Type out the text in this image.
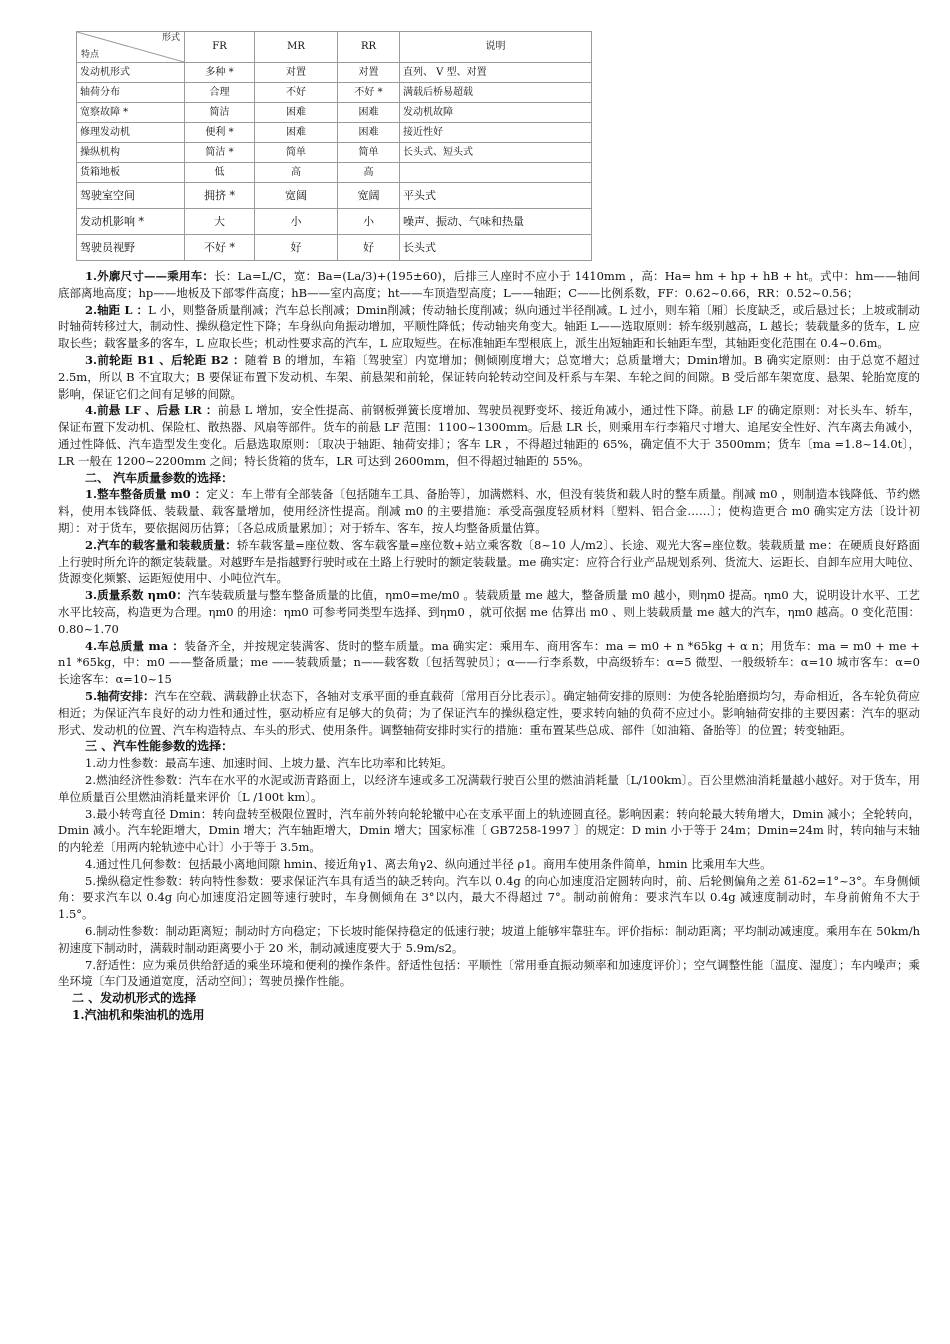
形式
特点	FR	MR	RR	说明
发动机形式	多种 *	对置	对置	直列、 V 型、对置
轴荷分布	合理	不好	不好 *	满载后桥易超载
宽察故障 *	简洁	困难	困难	发动机故障
修理发动机	便利 *	困难	困难	接近性好
操纵机构	简洁 *	简单	简单	长头式、短头式
货箱地板	低	高	高	
驾驶室空间	拥挤 *	宽阔	宽阔	平头式
发动机影响 *	大	小	小	噪声、振动、气味和热量
驾驶员视野	不好 *	好	好	长头式

1.外廓尺寸——乘用车：长：La=L/C，宽：Ba=(La/3)+(195±60)，后排三人座时不应小于 1410mm ，高：Ha= hm + hp + hB + ht。式中：hm——轴间底部离地高度；hp——地板及下部零件高度；hB——室内高度；ht——车顶造型高度；L——轴距；C——比例系数，FF：0.62~0.66，RR：0.52~0.56；

2.轴距 L ：L 小，则整备质量削减；汽车总长削减；Dmin削减；传动轴长度削减；纵向通过半径削减。L 过小，则车箱〔厢〕长度缺乏，或后悬过长；上坡或制动时轴荷转移过大，制动性、操纵稳定性下降；车身纵向角振动增加，平顺性降低；传动轴夹角变大。轴距 L——选取原则：轿车级别越高，L 越长；装载量多的货车，L 应取长些；载客量多的客车，L 应取长些；机动性要求高的汽车，L 应取短些。在标准轴距车型根底上，派生出短轴距和长轴距车型，其轴距变化范围在 0.4~0.6m。

3.前轮距 B1 、后轮距 B2 ：随着 B 的增加，车箱〔驾驶室〕内宽增加；侧倾刚度增大；总宽增大；总质量增大；Dmin增加。B 确实定原则：由于总宽不超过 2.5m，所以 B 不宜取大；B 要保证布置下发动机、车架、前悬架和前轮，保证转向轮转动空间及杆系与车架、车轮之间的间隙。B 受后部车架宽度、悬架、轮胎宽度的影响，保证它们之间有足够的间隙。

4.前悬 LF 、后悬 LR ：前悬 L 增加，安全性提高、前钢板弹簧长度增加、驾驶员视野变坏、接近角减小，通过性下降。前悬 LF 的确定原则：对长头车、轿车，保证布置下发动机、保险杠、散热器、风扇等部件。货车的前悬 LF 范围：1100~1300mm。后悬 LR 长，则乘用车行李箱尺寸增大、追尾安全性好、汽车离去角减小，通过性降低、汽车造型发生变化。后悬选取原则：〔取决于轴距、轴荷安排〕；客车 LR ，不得超过轴距的 65%，确定值不大于 3500mm；货车〔ma =1.8~14.0t〕，LR 一般在 1200~2200mm 之间；特长货箱的货车，LR 可达到 2600mm，但不得超过轴距的 55%。

二、 汽车质量参数的选择：

1.整车整备质量 m0 ：定义：车上带有全部装备〔包括随车工具、备胎等〕，加满燃料、水，但没有装货和载人时的整车质量。削减 m0 ，则制造本钱降低、节约燃料，使用本钱降低、装载量、载客量增加，使用经济性提高。削减 m0 的主要措施：承受高强度轻质材料〔塑料、铝合金……〕；使构造更合 m0 确实定方法〔设计初期〕：对于货车，要依据阅历估算；〔各总成质量累加〕；对于轿车、客车，按人均整备质量估算。

2.汽车的载客量和装载质量：轿车载客量=座位数、客车载客量=座位数+站立乘客数〔8~10 人/m2〕、长途、观光大客=座位数。装载质量 me：在硬质良好路面上行驶时所允许的额定装载量。对越野车是指越野行驶时或在土路上行驶时的额定装载量。me 确实定：应符合行业产品规划系列、货流大、运距长、自卸车应用大吨位、货源变化频繁、运距短使用中、小吨位汽车。

3.质量系数 ηm0：汽车装载质量与整车整备质量的比值，ηm0=me/m0 。装载质量 me 越大，整备质量 m0 越小，则ηm0 提高。ηm0 大，说明设计水平、工艺水平比较高，构造更为合理。ηm0 的用途：ηm0 可参考同类型车选择、到ηm0 ，就可依据 me 估算出 m0 、则上装载质量 me 越大的汽车，ηm0 越高。0 变化范围：0.80~1.70

4.车总质量 ma ：装备齐全，并按规定装满客、货时的整车质量。ma 确实定：乘用车、商用客车：ma = m0 + n *65kg + α n；用货车：ma = m0 + me + n1 *65kg，中：m0 ——整备质量；me ——装载质量；n——载客数〔包括驾驶员〕；α——行李系数，中高级轿车：α=5 微型、一般级轿车：α=10 城市客车：α=0 长途客车：α=10~15

5.轴荷安排：汽车在空载、满载静止状态下，各轴对支承平面的垂直载荷〔常用百分比表示〕。确定轴荷安排的原则：为使各轮胎磨损均匀，寿命相近，各车轮负荷应相近；为保证汽车良好的动力性和通过性，驱动桥应有足够大的负荷；为了保证汽车的操纵稳定性，要求转向轴的负荷不应过小。影响轴荷安排的主要因素：汽车的驱动形式、发动机的位置、汽车构造特点、车头的形式、使用条件。调整轴荷安排时实行的措施：重布置某些总成、部件〔如油箱、备胎等〕的位置；转变轴距。

三 、汽车性能参数的选择：

1.动力性参数：最高车速、加速时间、上坡力量、汽车比功率和比转矩。

2.燃油经济性参数：汽车在水平的水泥或沥青路面上，以经济车速或多工况满载行驶百公里的燃油消耗量〔L/100km〕。百公里燃油消耗量越小越好。对于货车，用单位质量百公里燃油消耗量来评价〔L /100t km〕。

3.最小转弯直径 Dmin：转向盘转至极限位置时，汽车前外转向轮轮辙中心在支承平面上的轨迹圆直径。影响因素：转向轮最大转角增大，Dmin 减小；全轮转向，Dmin 减小。汽车轮距增大，Dmin 增大；汽车轴距增大，Dmin 增大；国家标准〔 GB7258-1997 〕的规定：D min 小于等于 24m；Dmin=24m 时，转向轴与末轴的内轮差〔用两内轮轨迹中心计〕小于等于 3.5m。

4.通过性几何参数：包括最小离地间隙 hmin、接近角γ1、离去角γ2、纵向通过半径 ρ1。商用车使用条件简单，hmin 比乘用车大些。

5.操纵稳定性参数：转向特性参数：要求保证汽车具有适当的缺乏转向。汽车以 0.4g 的向心加速度沿定圆转向时，前、后轮侧偏角之差 δ1-δ2=1°~3°。车身侧倾角：要求汽车以 0.4g 向心加速度沿定圆等速行驶时，车身侧倾角在 3°以内，最大不得超过 7°。制动前俯角：要求汽车以 0.4g 减速度制动时，车身前俯角不大于 1.5°。

6.制动性参数：制动距离短；制动时方向稳定；下长坡时能保持稳定的低速行驶；坡道上能够牢靠驻车。评价指标：制动距离；平均制动减速度。乘用车在 50km/h 初速度下制动时，满载时制动距离要小于 20 米，制动减速度要大于 5.9m/s2。

7.舒适性：应为乘员供给舒适的乘坐环境和便利的操作条件。舒适性包括：平顺性〔常用垂直振动频率和加速度评价〕；空气调整性能〔温度、湿度〕；车内噪声；乘坐环境〔车门及通道宽度，活动空间〕；驾驶员操作性能。

二 、发动机形式的选择

1.汽油机和柴油机的选用
